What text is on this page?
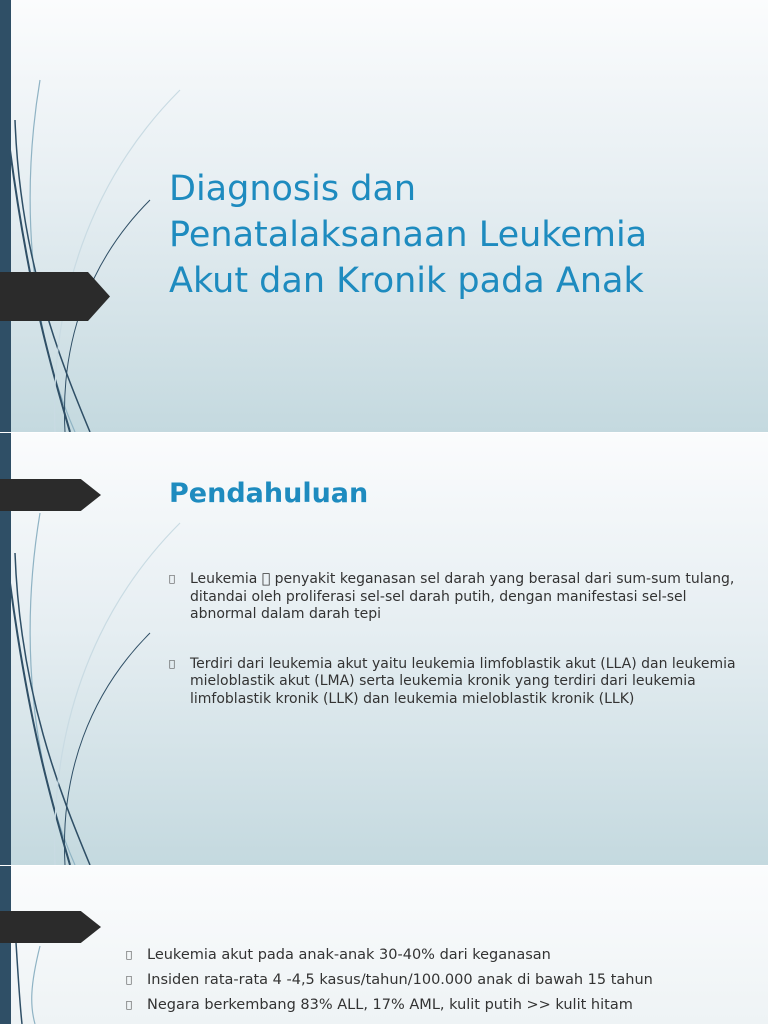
Diagnosis dan
Penatalaksanaan Leukemia
Akut dan Kronik pada Anak
Pendahuluan
Leukemia penyakit keganasan sel darah yang berasal dari sum-sum tulang, ditandai oleh proliferasi sel-sel darah putih, dengan manifestasi sel-sel abnormal dalam darah tepi
Terdiri dari leukemia akut yaitu leukemia limfoblastik akut (LLA) dan leukemia mieloblastik akut (LMA) serta leukemia kronik yang terdiri dari leukemia limfoblastik kronik (LLK) dan leukemia mieloblastik kronik (LLK)
Leukemia akut pada anak-anak 30-40% dari keganasan
Insiden rata-rata 4 -4,5 kasus/tahun/100.000 anak di bawah 15 tahun
Negara berkembang 83% ALL, 17% AML, kulit putih >> kulit hitam
